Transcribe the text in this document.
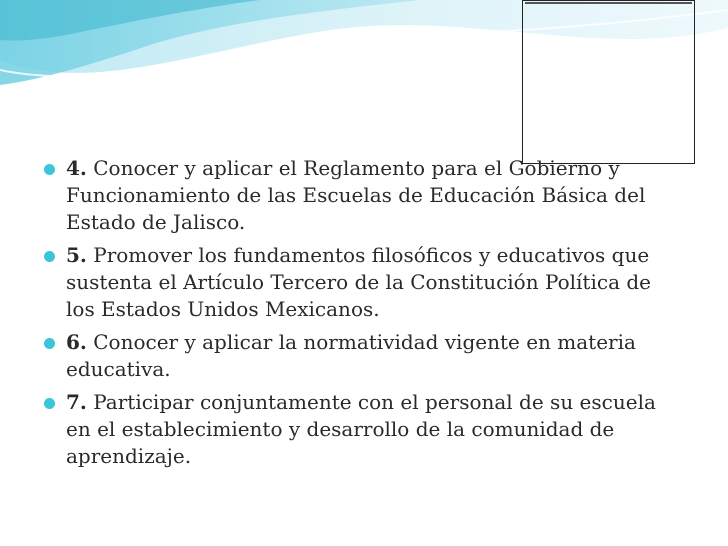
4. Conocer y aplicar el Reglamento para el Gobierno y Funcionamiento de las Escuelas de Educación Básica del Estado de Jalisco.
5. Promover los fundamentos filosóficos y educativos que sustenta el Artículo Tercero de la Constitución Política de los Estados Unidos Mexicanos.
6. Conocer y aplicar la normatividad vigente en materia educativa.
7. Participar conjuntamente con el personal de su escuela en el establecimiento y desarrollo de la comunidad de aprendizaje.
